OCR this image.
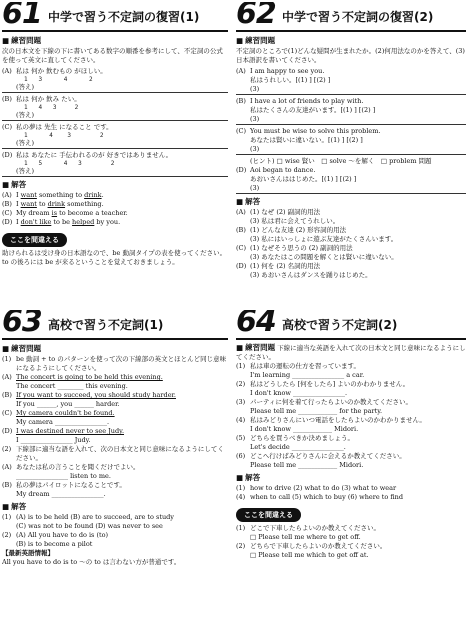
61 中学で習う不定詞の復習(1)
■ 練習問題
次の日本文を下線の下に書いてある数字の順番を参考にして、不定詞の公式を使って英文に直してください。
(A) 私は 何か 飲むもの がほしい。
1   3      4      2
(答え)
(B) 私は 何か 飲み たい。
1   4   3     2
(答え)
(C) 私の夢は 先生 になること です。
1      4    3        2
(答え)
(D) 私は あなたに 手伝われるのが 好きではありません。
1   5      4   3        2
(答え)
■ 解答
(A) I want something to drink.
(B) I want to drink something.
(C) My dream is to become a teacher.
(D) I don't like to be helped by you.
ここを間違える
助けられるは受け身の日本語なので、be 動詞タイプの表を使ってください。to の後ろには be が来るということを覚えておきましょう。
62 中学で習う不定詞の復習(2)
■ 練習問題
不定詞のところで(1)どんな疑問が生まれたか。(2)何用法なのかを答えて、(3)日本語訳を書いてください。
(A) I am happy to see you.
私はうれしい。[(1) ] [(2) ]
(3)
(B) I have a lot of friends to play with.
私はたくさんの友達がいます。[(1) ] [(2) ]
(3)
(C) You must be wise to solve this problem.
あなたは賢いに違いない。[(1) ] [(2) ]
(3)
(ヒント) □ wise 賢い　□ solve ～を解く　□ problem 問題
(D) Aoi began to dance.
あおいさんははじめた。[(1) ] [(2) ]
(3)
■ 解答
(A) (1) なぜ (2) 副詞的用法
(3) 私は君に会えてうれしい。
(B) (1) どんな友達 (2) 形容詞的用法
(3) 私にはいっしょに遊ぶ友達がたくさんいます。
(C) (1) なぜそう思うの (2) 副詞的用法
(3) あなたはこの問題を解くとは賢いに違いない。
(D) (1) 何を (2) 名詞的用法
(3) あおいさんはダンスを踊りはじめた。
63 高校で習う不定詞(1)
■ 練習問題
(1) be 動詞 + to のパターンを使って次の下線部の英文とほとんど同じ意味になるようにしてください。
(A) The concert is going to be held this evening.
The concert ________ this evening.
(B) If you want to succeed, you should study harder.
If you ______, you ______ harder.
(C) My camera couldn't be found.
My camera ________________.
(D) I was destined never to see Judy.
I ________________ Judy.
(2) 下線部に適当な語を入れて、次の日本文と同じ意味になるようにしてください。
(A) あなたは私の言うことを聞くだけでよい。
________________ listen to me.
(B) 私の夢はパイロットになることです。
My dream ________________.
■ 解答
(1) (A) is to be held (B) are to succeed, are to study
(C) was not to be found (D) was never to see
(2) (A) All you have to do is (to)
(B) is to become a pilot
【最新英語情報】
All you have to do is to ～の to は言わない方が普通です。
64 高校で習う不定詞(2)
■ 練習問題 下線に適当な英語を入れて次の日本文と同じ意味になるようにしてください。
(1) 私は車の運転の仕方を習っています。
I'm learning ________________ a car.
(2) 私はどうしたら [何をしたら] よいのかわかりません。
I don't know ________________.
(3) パーティに何を着て行ったらよいのか教えてください。
Please tell me ____________ for the party.
(4) 私はみどりさんにいつ電話をしたらよいのかわかりません。
I don't know ____________ Midori.
(5) どちらを買うべきか決めましょう。
Let's decide ________________.
(6) どこへ行けばみどりさんに会えるか教えてください。
Please tell me ____________ Midori.
■ 解答
(1) how to drive (2) what to do (3) what to wear
(4) when to call (5) which to buy (6) where to find
ここを間違える
(1) どこで下車したらよいのか教えてください。
□ Please tell me where to get off.
(2) どちらで下車したらよいのか教えてください。
□ Please tell me which to get off at.
